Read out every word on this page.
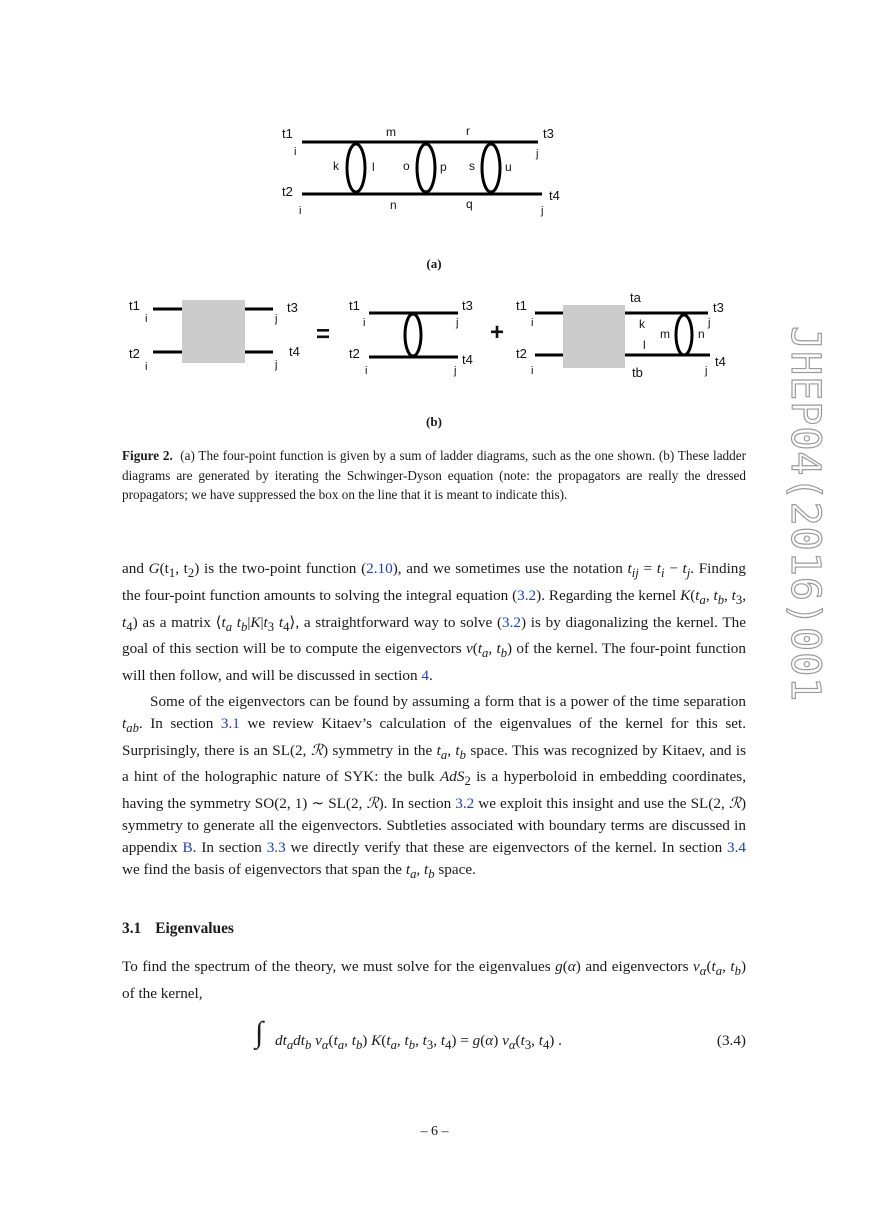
t1
i
t2
i
t3
j
t4
j
m	r
k	l o	p s	u
n	q
(a)
t1
i
t2
i
j
t3
j
t4
=
t1
i
t2
i
t3
j
t4
j
+
t1
i
t2
i
ta
tb
k
l
m n
t3
j
t4
j
(b)
Figure 2. (a) The four-point function is given by a sum of ladder diagrams, such as the one shown. (b) These ladder diagrams are generated by iterating the Schwinger-Dyson equation (note: the propagators are really the dressed propagators; we have suppressed the box on the line that it is meant to indicate this).
and $G(t_1$, $t_2$) is the two-point function (2.10), and we sometimes use the notation $t_{ij} = t_i - t_j$. Finding the four-point function amounts to solving the integral equation (3.2). Regarding the kernel $K(t_a$, $t_b$, $t_3$, $t_4$) as a matrix $⟨t_a$ $t_b|K|t_3$ $t_4⟩$, a straightforward way to solve (3.2) is by diagonalizing the kernel. The goal of this section will be to compute the eigenvectors $v(t_a$, $t_b$) of the kernel. The four-point function will then follow, and will be discussed in section 4.
Some of the eigenvectors can be found by assuming a form that is a power of the time separation $t_{ab}$. In section 3.1 we review Kitaev’s calculation of the eigenvalues of the kernel for this set. Surprisingly, there is an SL(2, ℛ) symmetry in the $t_a$, $t_b$ space. This was recognized by Kitaev, and is a hint of the holographic nature of SYK: the bulk AdS$_2$ is a hyperboloid in embedding coordinates, having the symmetry SO(2, 1) ∼ SL(2, ℛ). In section 3.2 we exploit this insight and use the SL(2, ℛ) symmetry to generate all the eigenvectors. Subtleties associated with boundary terms are discussed in appendix B. In section 3.3 we directly verify that these are eigenvectors of the kernel. In section 3.4 we find the basis of eigenvectors that span the $t_a$, $t_b$ space.
3.1 Eigenvalues
To find the spectrum of the theory, we must solve for the eigenvalues g(α) and eigenvectors $v_\alpha(t_a$, $t_b$) of the kernel,
∫ $dt_adt_b$ $v_\alpha(t_a$, $t_b$) $K(t_a$, $t_b$, $t_3$, $t_4) = g(\alpha)$ $v_\alpha(t_3$, $t_4$) .	(3.4)
– 6 –
JHEP04(2016)001
